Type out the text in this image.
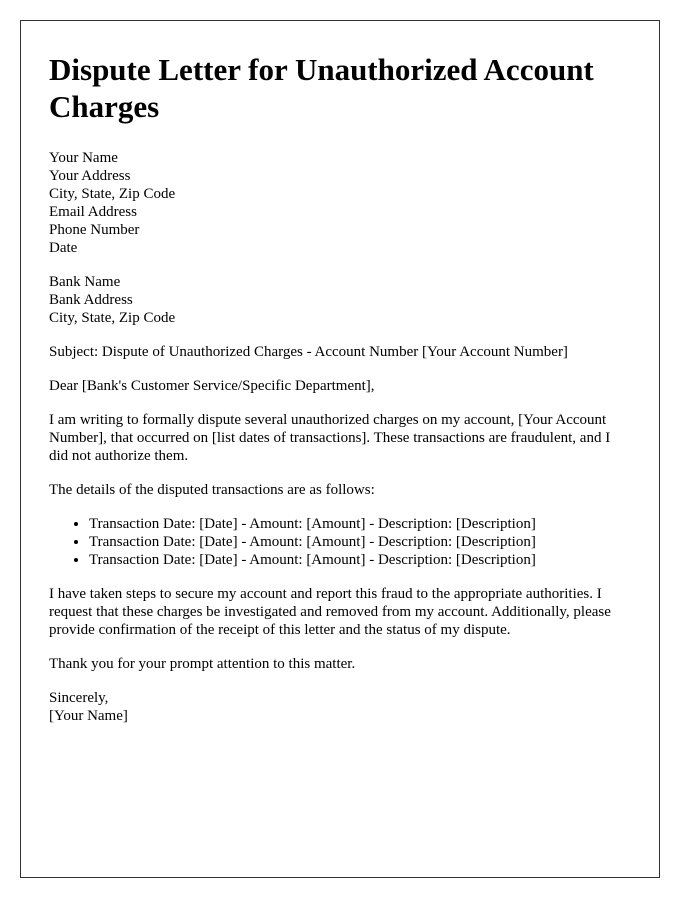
Dispute Letter for Unauthorized Account Charges
Your Name
Your Address
City, State, Zip Code
Email Address
Phone Number
Date
Bank Name
Bank Address
City, State, Zip Code

Subject: Dispute of Unauthorized Charges - Account Number [Your Account Number]

Dear [Bank's Customer Service/Specific Department],

I am writing to formally dispute several unauthorized charges on my account, [Your Account Number], that occurred on [list dates of transactions]. These transactions are fraudulent, and I did not authorize them.

The details of the disputed transactions are as follows:

• Transaction Date: [Date] - Amount: [Amount] - Description: [Description]
• Transaction Date: [Date] - Amount: [Amount] - Description: [Description]
• Transaction Date: [Date] - Amount: [Amount] - Description: [Description]

I have taken steps to secure my account and report this fraud to the appropriate authorities. I request that these charges be investigated and removed from my account. Additionally, please provide confirmation of the receipt of this letter and the status of my dispute.

Thank you for your prompt attention to this matter.

Sincerely,
[Your Name]
